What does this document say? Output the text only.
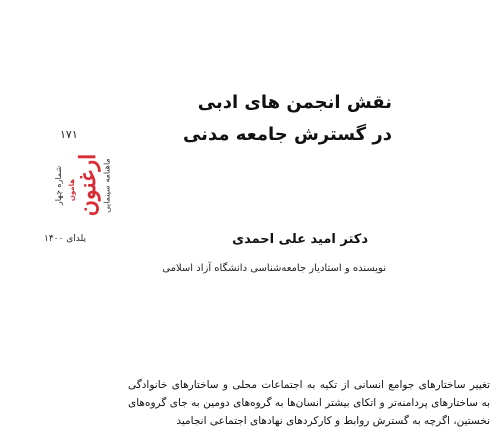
۱۷۱
شماره چهار هامون ارغنون ماهنامه سینمایی
یلدای ۱۴۰۰
نقش انجمن های ادبی
در گسترش جامعه مدنی
دکتر امید علی احمدی
نویسنده و استادیار جامعه‌شناسی دانشگاه آزاد اسلامی

تغییر ساختارهای جوامع انسانی از تکیه به اجتماعات محلی و ساختارهای خانوادگی به ساختارهای پردامنه‌تر و اتکای بیشتر انسان‌ها به گروه‌های دومین به جای گروه‌های نخستین، اگرچه به گسترش روابط و کارکردهای نهادهای اجتماعی انجامید
